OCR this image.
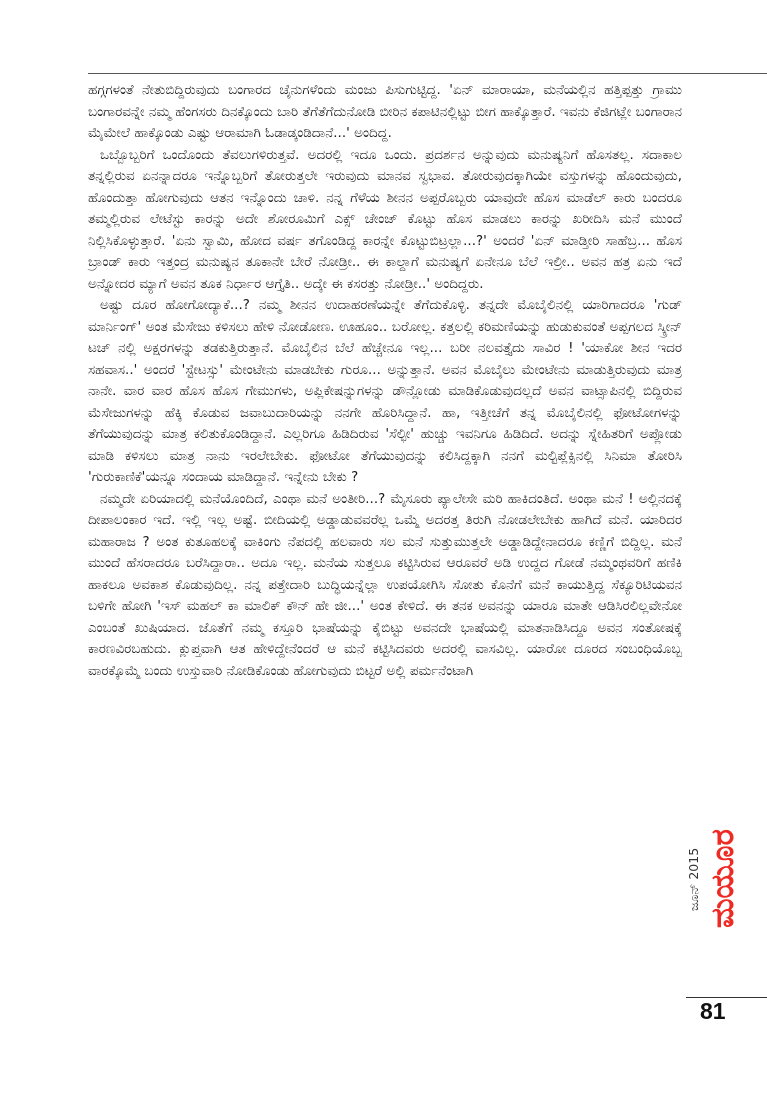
ಹಗ್ಗಗಳಂತೆ ನೇತುಬಿದ್ದಿರುವುದು ಬಂಗಾರದ ಚೈನುಗಳೆಂದು ಮಂಜು ಪಿಸುಗುಟ್ಟಿದ್ದ. 'ಏನ್ ಮಾರಾಯಾ, ಮನೆಯಲ್ಲಿನ ಹತ್ತಿಪ್ಪತ್ತು ಗ್ರಾಮು ಬಂಗಾರವನ್ನೇ ನಮ್ಮ ಹೆಂಗಸರು ದಿನಕ್ಕೊಂದು ಬಾರಿ ತೆಗೆತೆಗೆದುನೋಡಿ ಬೀರಿನ ಕಪಾಟಿನಲ್ಲಿಟ್ಟು ಬೀಗ ಹಾಕ್ಕೊತ್ತಾರೆ. ಇವನು ಕೆಜಿಗಟ್ಲೇ ಬಂಗಾರಾನ ಮೈಮೇಲೆ ಹಾಕ್ಕೊಂಡು ಎಷ್ಟು ಆರಾಮಾಗಿ ಓಡಾಡ್ಕಂಡಿದಾನೆ...' ಅಂದಿದ್ದ.

ಒಬ್ಬೊಬ್ಬರಿಗೆ ಒಂದೊಂದು ತೆವಲುಗಳಿರುತ್ತವೆ. ಅದರಲ್ಲಿ ಇದೂ ಒಂದು. ಪ್ರದರ್ಶನ ಅನ್ನುವುದು ಮನುಷ್ಯನಿಗೆ ಹೊಸತಲ್ಲ. ಸದಾಕಾಲ ತನ್ನಲ್ಲಿರುವ ಏನನ್ನಾದರೂ ಇನ್ನೊಬ್ಬರಿಗೆ ತೋರುತ್ತಲೇ ಇರುವುದು ಮಾನವ ಸ್ವಭಾವ. ತೋರುವುದಕ್ಕಾಗಿಯೇ ವಸ್ತುಗಳನ್ನು ಹೊಂದುವುದು, ಹೊಂದುತ್ತಾ ಹೋಗುವುದು ಆತನ ಇನ್ನೊಂದು ಚಾಳಿ. ನನ್ನ ಗೆಳೆಯ ಶೀನನ ಅಪ್ಪರೊಬ್ಬರು ಯಾವುದೇ ಹೊಸ ಮಾಡೆಲ್ ಕಾರು ಬಂದರೂ ತಮ್ಮಲ್ಲಿರುವ ಲೇಟೆಸ್ಟು ಕಾರನ್ನು ಅದೇ ಶೋರೂಮಿಗೆ ಎಕ್ಸ್ ಚೇಂಜ್ ಕೊಟ್ಟು ಹೊಸ ಮಾಡಲು ಕಾರನ್ನು ಖರೀದಿಸಿ ಮನೆ ಮುಂದೆ ನಿಲ್ಲಿಸಿಕೊಳ್ಳುತ್ತಾರೆ. 'ಏನು ಸ್ವಾಮಿ, ಹೋದ ವರ್ಷ ತಗೊಂಡಿದ್ದ ಕಾರನ್ನೇ ಕೊಟ್ಟುಬಿಟ್ರಲ್ಲಾ...?' ಅಂದರೆ 'ಏನ್ ಮಾಡ್ತೀರಿ ಸಾಹೆಬ್ರ... ಹೊಸ ಬ್ರಾಂಡ್ ಕಾರು ಇತ್ತಂದ್ರ ಮನುಷ್ಯನ ತೂಕಾನೇ ಬೇರೆ ನೋಡ್ರೀ.. ಈ ಕಾಲ್ದಾಗೆ ಮನುಷ್ಯಗೆ ಏನೇನೂ ಬೆಲೆ ಇಲ್ರೀ.. ಅವನ ಹತ್ರ ಏನು ಇದೆ ಅನ್ನೋದರ ಮ್ಯಾಗೆ ಅವನ ತೂಕ ನಿರ್ಧಾರ ಆಗ್ತೈತಿ.. ಅದ್ಕೇ ಈ ಕಸರತ್ತು ನೋಡ್ರೀ..' ಅಂದಿದ್ದರು.

ಅಷ್ಟು ದೂರ ಹೋಗೋದ್ಯಾಕೆ...? ನಮ್ಮ ಶೀನನ ಉದಾಹರಣೆಯನ್ನೇ ತೆಗೆದುಕೊಳ್ಳಿ. ತನ್ನದೇ ಮೊಬೈಲಿನಲ್ಲಿ ಯಾರಿಗಾದರೂ 'ಗುಡ್ ಮಾರ್ನಿಂಗ್' ಅಂತ ಮೆಸೇಜು ಕಳಿಸಲು ಹೇಳಿ ನೋಡೋಣ. ಊಹೂಂ.. ಬರೋಲ್ಲ. ಕತ್ತಲಲ್ಲಿ ಕರಿಮಣಿಯನ್ನು ಹುಡುಕುವಂತೆ ಅಪ್ಪಗಲದ ಸ್ಕ್ರೀನ್ ಟಚ್ ನಲ್ಲಿ ಅಕ್ಷರಗಳನ್ನು ತಡಕುತ್ತಿರುತ್ತಾನೆ. ಮೊಬೈಲಿನ ಬೆಲೆ ಹೆಚ್ಚೇನೂ ಇಲ್ಲ... ಬರೀ ನಲವತ್ತೈದು ಸಾವಿರ ! 'ಯಾಕೋ ಶೀನ ಇದರ ಸಹವಾಸ..' ಅಂದರೆ 'ಸ್ಟೇಟಸ್ಸು' ಮೇಂಟೇನು ಮಾಡಬೇಕು ಗುರೂ... ಅನ್ನುತ್ತಾನೆ. ಅವನ ಮೊಬೈಲು ಮೇಂಟೇನು ಮಾಡುತ್ತಿರುವುದು ಮಾತ್ರ ನಾನೇ. ವಾರ ವಾರ ಹೊಸ ಹೊಸ ಗೇಮುಗಳು, ಅಪ್ಲಿಕೇಷನ್ನುಗಳನ್ನು ಡೌನ್ಲೋಡು ಮಾಡಿಕೊಡುವುದಲ್ಲದೆ ಅವನ ವಾಟ್ಸಾಪಿನಲ್ಲಿ ಬಿದ್ದಿರುವ ಮೆಸೇಜುಗಳನ್ನು ಹೆಕ್ಕಿ ಕೊಡುವ ಜವಾಬುದಾರಿಯನ್ನು ನನಗೇ ಹೊರಿಸಿದ್ದಾನೆ. ಹಾ, ಇತ್ತೀಚೆಗೆ ತನ್ನ ಮೊಬೈಲಿನಲ್ಲಿ ಫೋಟೋಗಳನ್ನು ತೆಗೆಯುವುದನ್ನು ಮಾತ್ರ ಕಲಿತುಕೊಂಡಿದ್ದಾನೆ. ಎಲ್ಲರಿಗೂ ಹಿಡಿದಿರುವ 'ಸೆಲ್ಫೀ' ಹುಚ್ಚು ಇವನಿಗೂ ಹಿಡಿದಿದೆ. ಅದನ್ನು ಸ್ನೇಹಿತರಿಗೆ ಅಪ್ಲೋಡು ಮಾಡಿ ಕಳಿಸಲು ಮಾತ್ರ ನಾನು ಇರಲೇಬೇಕು. ಫೋಟೋ ತೆಗೆಯುವುದನ್ನು ಕಲಿಸಿದ್ದಕ್ಕಾಗಿ ನನಗೆ ಮಲ್ಟಿಪ್ಲೆಕ್ಸಿನಲ್ಲಿ ಸಿನಿಮಾ ತೋರಿಸಿ 'ಗುರುಕಾಣಿಕೆ'ಯನ್ನೂ ಸಂದಾಯ ಮಾಡಿದ್ದಾನೆ. ಇನ್ನೇನು ಬೇಕು ?

ನಮ್ಮದೇ ಏರಿಯಾದಲ್ಲಿ ಮನೆಯೊಂದಿದೆ, ಎಂಥಾ ಮನೆ ಅಂತೀರಿ...? ಮೈಸೂರು ಪ್ಯಾಲೇಸೇ ಮರಿ ಹಾಕಿದಂತಿದೆ. ಅಂಥಾ ಮನೆ ! ಅಲ್ಲಿನದಕ್ಕೆ ದೀಪಾಲಂಕಾರ ಇದೆ. ಇಲ್ಲಿ ಇಲ್ಲ ಅಷ್ಟೆ. ಬೀದಿಯಲ್ಲಿ ಅಡ್ಡಾಡುವವರೆಲ್ಲ ಒಮ್ಮೆ ಅದರತ್ತ ತಿರುಗಿ ನೋಡಲೇಬೇಕು ಹಾಗಿದೆ ಮನೆ. ಯಾರಿದರ ಮಹಾರಾಜ ? ಅಂತ ಕುತೂಹಲಕ್ಕೆ ವಾಕಿಂಗು ನೆಪದಲ್ಲಿ ಹಲವಾರು ಸಲ ಮನೆ ಸುತ್ತುಮುತ್ತಲೇ ಅಡ್ಡಾಡಿದ್ದೇನಾದರೂ ಕಣ್ಣಿಗೆ ಬಿದ್ದಿಲ್ಲ. ಮನೆ ಮುಂದೆ ಹೆಸರಾದರೂ ಬರೆಸಿದ್ದಾರಾ.. ಅದೂ ಇಲ್ಲ. ಮನೆಯ ಸುತ್ತಲೂ ಕಟ್ಟಿಸಿರುವ ಆರೂವರೆ ಅಡಿ ಉದ್ದದ ಗೋಡೆ ನಮ್ಮಂಥವರಿಗೆ ಹಣಿಕಿ ಹಾಕಲೂ ಅವಕಾಶ ಕೊಡುವುದಿಲ್ಲ. ನನ್ನ ಪತ್ತೇದಾರಿ ಬುದ್ಧಿಯನ್ನೆಲ್ಲಾ ಉಪಯೋಗಿಸಿ ಸೋತು ಕೊನೆಗೆ ಮನೆ ಕಾಯುತ್ತಿದ್ದ ಸೆಕ್ಯೂರಿಟಿಯವನ ಬಳಿಗೇ ಹೋಗಿ 'ಇಸ್ ಮಹಲ್ ಕಾ ಮಾಲಿಕ್ ಕೌನ್ ಹೇ ಜೀ...' ಅಂತ ಕೇಳಿದೆ. ಈ ತನಕ ಅವನನ್ನು ಯಾರೂ ಮಾತೇ ಆಡಿಸಿರಲಿಲ್ಲವೇನೋ ಎಂಬಂತೆ ಖುಷಿಯಾದ. ಜೊತೆಗೆ ನಮ್ಮ ಕಸ್ತೂರಿ ಭಾಷೆಯನ್ನು ಕೈಬಿಟ್ಟು ಅವನದೇ ಭಾಷೆಯಲ್ಲಿ ಮಾತನಾಡಿಸಿದ್ದೂ ಅವನ ಸಂತೋಷಕ್ಕೆ ಕಾರಣವಿರಬಹುದು. ಕ್ಲುಪ್ತವಾಗಿ ಆತ ಹೇಳಿದ್ದೇನೆಂದರೆ ಆ ಮನೆ ಕಟ್ಟಿಸಿದವರು ಅದರಲ್ಲಿ ವಾಸವಿಲ್ಲ. ಯಾರೋ ದೂರದ ಸಂಬಂಧಿಯೊಬ್ಬ ವಾರಕ್ಕೊಮ್ಮೆ ಬಂದು ಉಸ್ತುವಾರಿ ನೋಡಿಕೊಂಡು ಹೋಗುವುದು ಬಿಟ್ಟರೆ ಅಲ್ಲಿ ಪರ್ಮನೆಂಟಾಗಿ

ಜೂನ್ 2015 ಮಯೂರ
81
